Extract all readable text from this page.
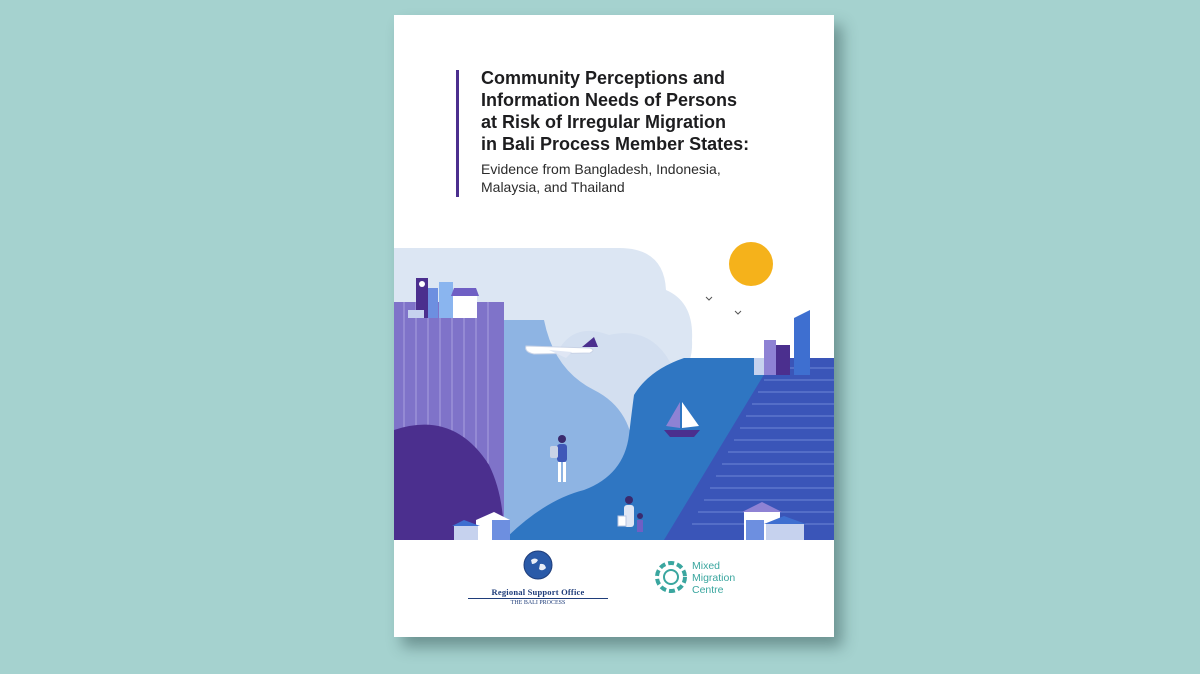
Community Perceptions and
Information Needs of Persons
at Risk of Irregular Migration
in Bali Process Member States:

Evidence from Bangladesh, Indonesia,
Malaysia, and Thailand

Regional Support Office
THE BALI PROCESS
Mixed
Migration
Centre
